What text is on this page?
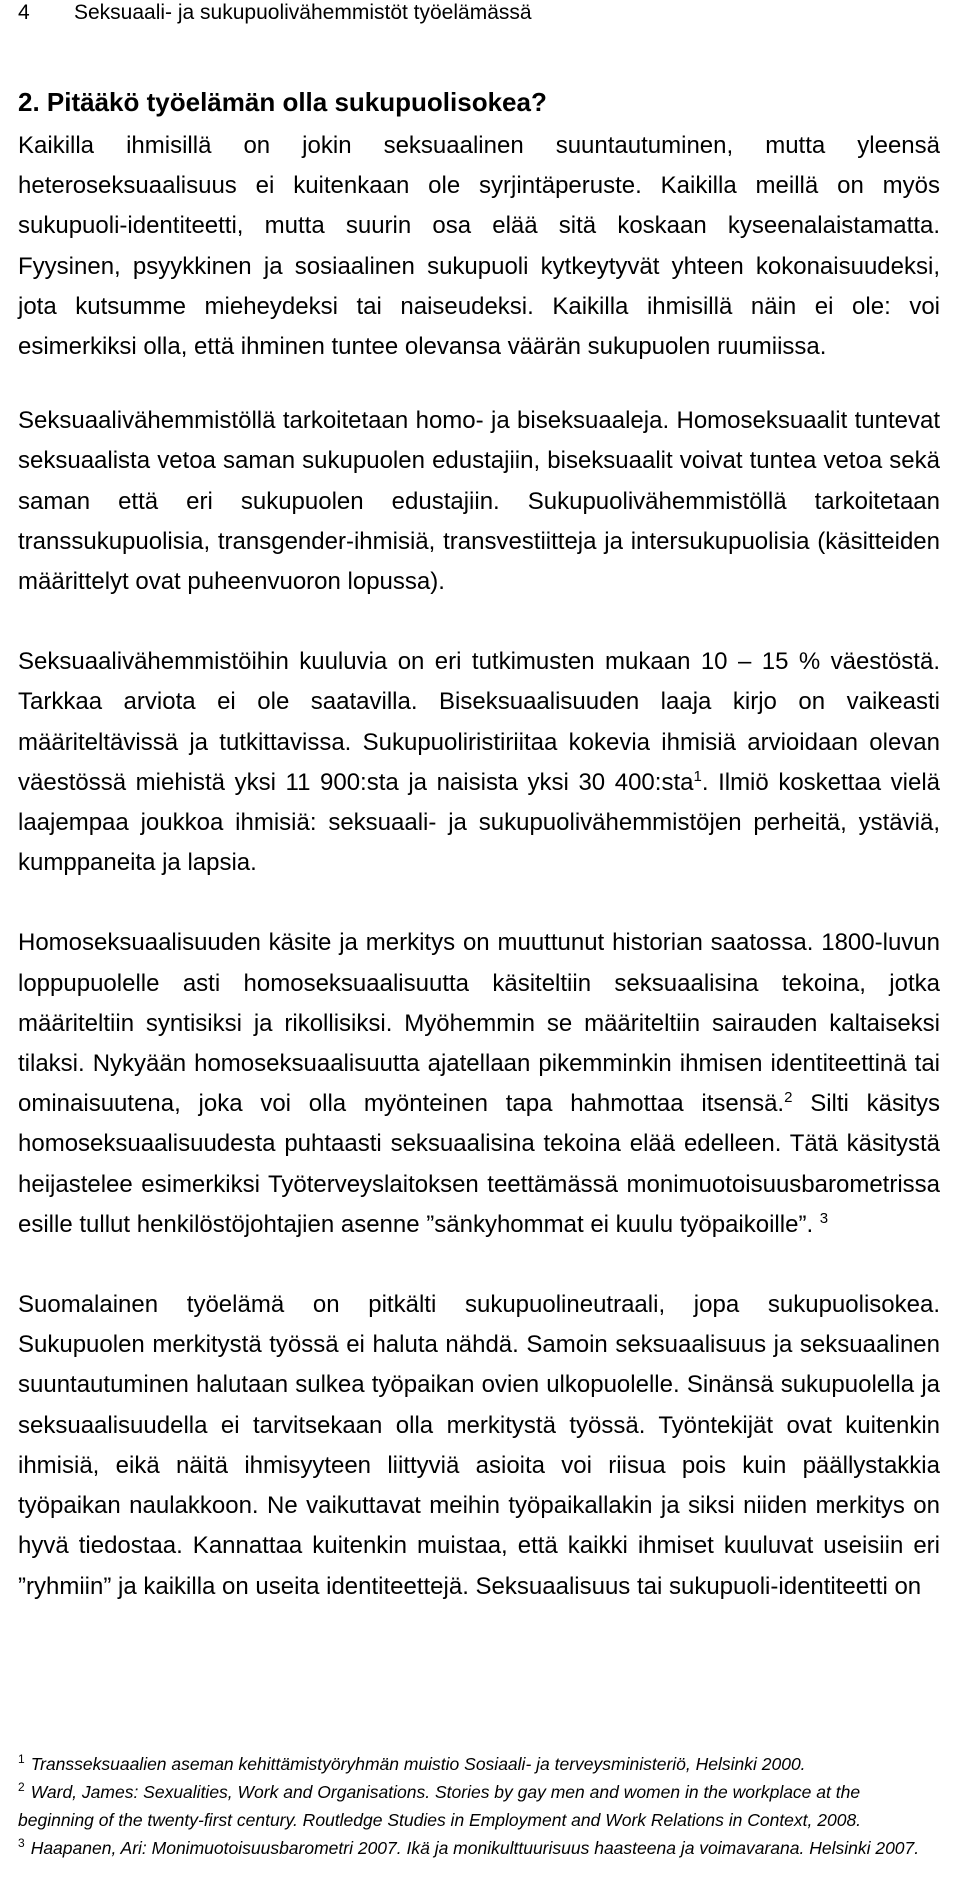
4 Seksuaali- ja sukupuolivähemmistöt työelämässä
2. Pitääkö työelämän olla sukupuolisokea?

Kaikilla ihmisillä on jokin seksuaalinen suuntautuminen, mutta yleensä heteroseksuaalisuus ei kuitenkaan ole syrjintäperuste. Kaikilla meillä on myös sukupuoli-identiteetti, mutta suurin osa elää sitä koskaan kyseenalaistamatta. Fyysinen, psyykkinen ja sosiaalinen sukupuoli kytkeytyvät yhteen kokonaisuudeksi, jota kutsumme mieheydeksi tai naiseudeksi. Kaikilla ihmisillä näin ei ole: voi esimerkiksi olla, että ihminen tuntee olevansa väärän sukupuolen ruumiissa.

Seksuaalivähemmistöllä tarkoitetaan homo- ja biseksuaaleja. Homoseksuaalit tuntevat seksuaalista vetoa saman sukupuolen edustajiin, biseksuaalit voivat tuntea vetoa sekä saman että eri sukupuolen edustajiin. Sukupuolivähemmistöllä tarkoitetaan transsukupuolisia, transgender-ihmisiä, transvestiitteja ja intersukupuolisia (käsitteiden määrittelyt ovat puheenvuoron lopussa).

Seksuaalivähemmistöihin kuuluvia on eri tutkimusten mukaan 10 – 15 % väestöstä. Tarkkaa arviota ei ole saatavilla. Biseksuaalisuuden laaja kirjo on vaikeasti määriteltävissä ja tutkittavissa. Sukupuoliristiriitaa kokevia ihmisiä arvioidaan olevan väestössä miehistä yksi 11 900:sta ja naisista yksi 30 400:sta$^1$. Ilmiö koskettaa vielä laajempaa joukkoa ihmisiä: seksuaali- ja sukupuolivähemmistöjen perheitä, ystäviä, kumppaneita ja lapsia.

Homoseksuaalisuuden käsite ja merkitys on muuttunut historian saatossa. 1800-luvun loppupuolelle asti homoseksuaalisuutta käsiteltiin seksuaalisina tekoina, jotka määriteltiin syntisiksi ja rikollisiksi. Myöhemmin se määriteltiin sairauden kaltaiseksi tilaksi. Nykyään homoseksuaalisuutta ajatellaan pikemminkin ihmisen identiteettinä tai ominaisuutena, joka voi olla myönteinen tapa hahmottaa itsensä.$^2$ Silti käsitys homoseksuaalisuudesta puhtaasti seksuaalisina tekoina elää edelleen. Tätä käsitystä heijastelee esimerkiksi Työterveyslaitoksen teettämässä monimuotoisuusbarometrissa esille tullut henkilöstöjohtajien asenne ”sänkyhommat ei kuulu työpaikoille”. $^3$

Suomalainen työelämä on pitkälti sukupuolineutraali, jopa sukupuolisokea. Sukupuolen merkitystä työssä ei haluta nähdä. Samoin seksuaalisuus ja seksuaalinen suuntautuminen halutaan sulkea työpaikan ovien ulkopuolelle. Sinänsä sukupuolella ja seksuaalisuudella ei tarvitsekaan olla merkitystä työssä. Työntekijät ovat kuitenkin ihmisiä, eikä näitä ihmisyyteen liittyviä asioita voi riisua pois kuin päällystakkia työpaikan naulakkoon. Ne vaikuttavat meihin työpaikallakin ja siksi niiden merkitys on hyvä tiedostaa. Kannattaa kuitenkin muistaa, että kaikki ihmiset kuuluvat useisiin eri ”ryhmiin” ja kaikilla on useita identiteettejä. Seksuaalisuus tai sukupuoli-identiteetti on

$^1$ Transseksuaalien aseman kehittämistyöryhmän muistio Sosiaali- ja terveysministeriö, Helsinki 2000.

$^2$ Ward, James: Sexualities, Work and Organisations. Stories by gay men and women in the workplace at the beginning of the twenty-first century. Routledge Studies in Employment and Work Relations in Context, 2008.

$^3$ Haapanen, Ari: Monimuotoisuusbarometri 2007. Ikä ja monikulttuurisuus haasteena ja voimavarana. Helsinki 2007.
